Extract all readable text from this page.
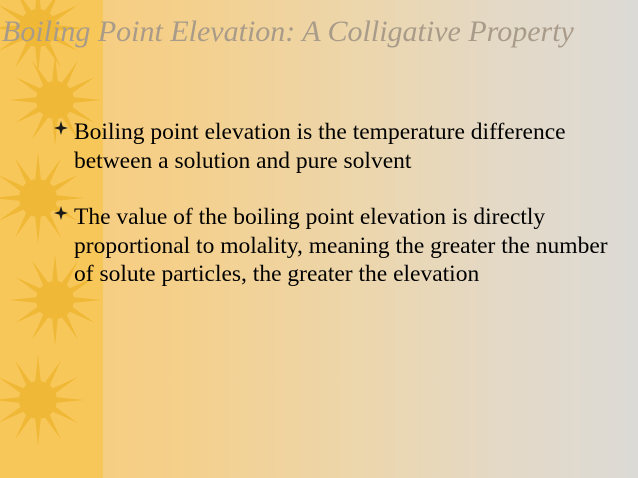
Boiling Point Elevation: A Colligative Property
Boiling point elevation is the temperature difference between a solution and pure solvent
The value of the boiling point elevation is directly proportional to molality, meaning the greater the number of solute particles, the greater the elevation
